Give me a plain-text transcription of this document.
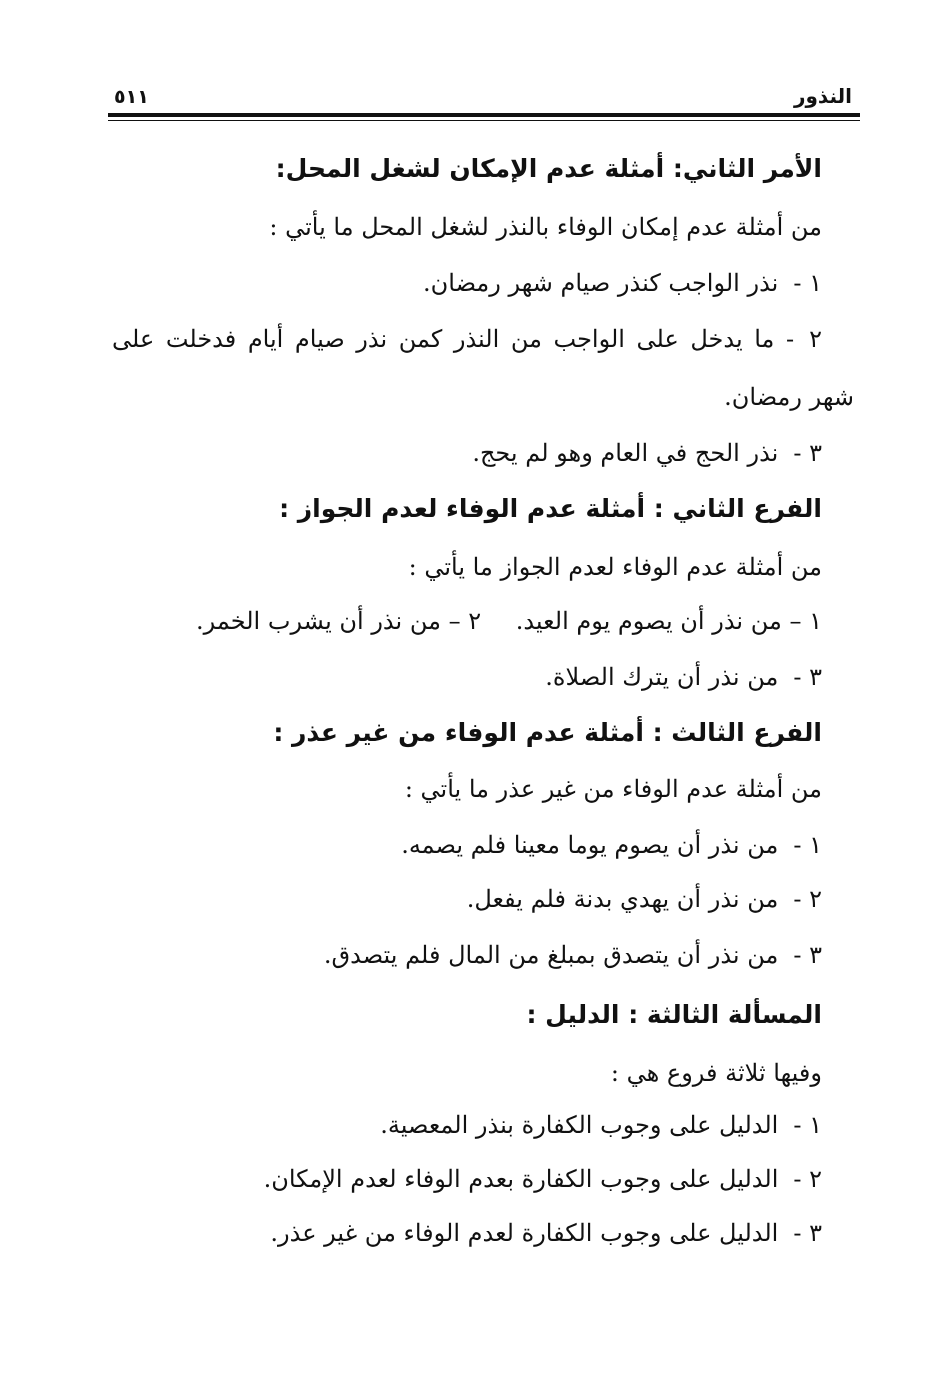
٥١١	النذور
الأمر الثاني: أمثلة عدم الإمكان لشغل المحل:
من أمثلة عدم إمكان الوفاء بالنذر لشغل المحل ما يأتي :
١ - نذر الواجب كنذر صيام شهر رمضان.
٢ - ما يدخل على الواجب من النذر كمن نذر صيام أيام فدخلت على
شهر رمضان.
٣ - نذر الحج في العام وهو لم يحج.
الفرع الثاني : أمثلة عدم الوفاء لعدم الجواز :
من أمثلة عدم الوفاء لعدم الجواز ما يأتي :
١ – من نذر أن يصوم يوم العيد.
٢ – من نذر أن يشرب الخمر.
٣ - من نذر أن يترك الصلاة.
الفرع الثالث : أمثلة عدم الوفاء من غير عذر :
من أمثلة عدم الوفاء من غير عذر ما يأتي :
١ - من نذر أن يصوم يوما معينا فلم يصمه.
٢ - من نذر أن يهدي بدنة فلم يفعل.
٣ - من نذر أن يتصدق بمبلغ من المال فلم يتصدق.
المسألة الثالثة : الدليل :
وفيها ثلاثة فروع هي :
١ - الدليل على وجوب الكفارة بنذر المعصية.
٢ - الدليل على وجوب الكفارة بعدم الوفاء لعدم الإمكان.
٣ - الدليل على وجوب الكفارة لعدم الوفاء من غير عذر.
